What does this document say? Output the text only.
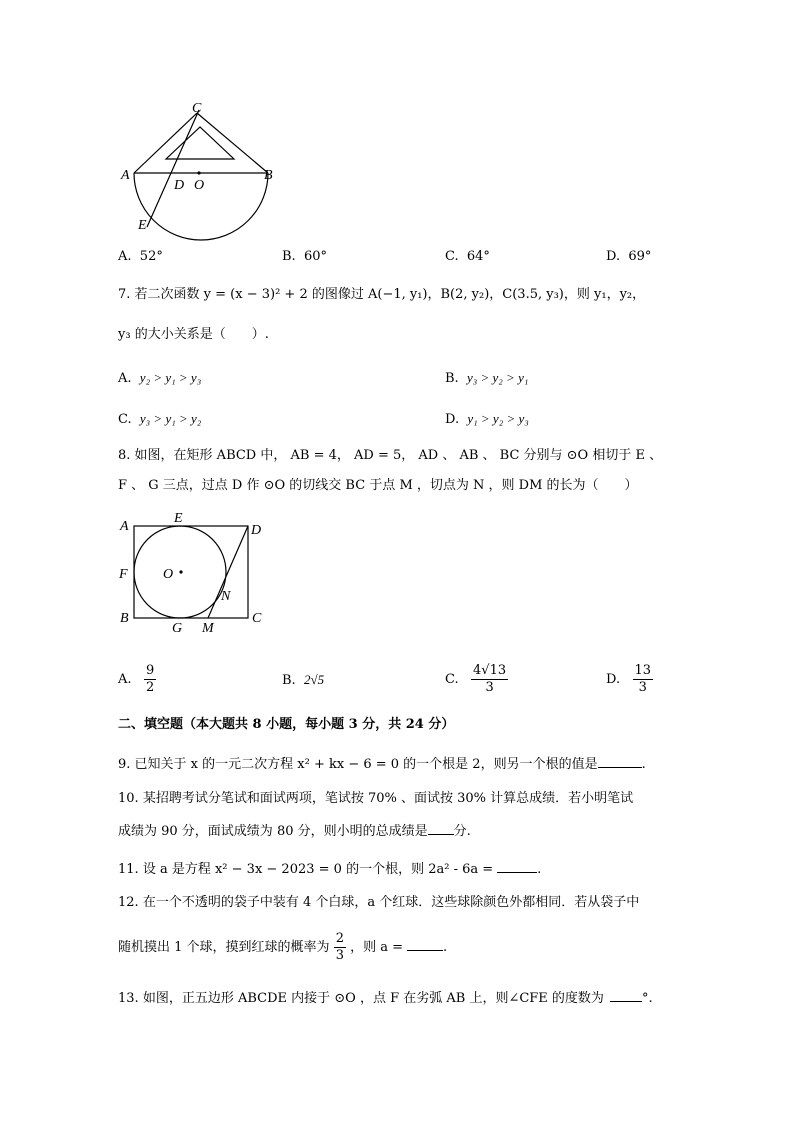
C
A	B
D O
E
A. 52°	B. 60°	C. 64°	D. 69°
7. 若二次函数 y = (x − 3)² + 2 的图像过 A(−1, y₁)，B(2, y₂)，C(3.5, y₃)，则 y₁，y₂，
y₃ 的大小关系是（　　）.
A. y₂ > y₁ > y₃	B. y₃ > y₂ > y₁
C. y₃ > y₁ > y₂	D. y₁ > y₂ > y₃
8. 如图，在矩形 ABCD 中， AB = 4， AD = 5， AD 、 AB 、 BC 分别与 ⊙O 相切于 E 、
F 、 G 三点，过点 D 作 ⊙O 的切线交 BC 于点 M ，切点为 N ，则 DM 的长为（　　）
A
E
D
F	O
N
B
G M
C
A. $\frac{9}{2}$	B. 2√5	C. $\frac{4√13}{3}$	D. $\frac{13}{3}$
二、填空题（本大题共 8 小题，每小题 3 分，共 24 分）
9. 已知关于 x 的一元二次方程 x² + kx − 6 = 0 的一个根是 2，则另一个根的值是	.
10. 某招聘考试分笔试和面试两项，笔试按 70% 、面试按 30% 计算总成绩．若小明笔试
成绩为 90 分，面试成绩为 80 分，则小明的总成绩是 分.
11. 设 a 是方程 x² − 3x − 2023 = 0 的一个根，则 2a² - 6a =	.
12. 在一个不透明的袋子中装有 4 个白球，a 个红球．这些球除颜色外都相同．若从袋子中
随机摸出 1 个球，摸到红球的概率为 $\frac{2}{3}$ ，则 a =	.
13. 如图，正五边形 ABCDE 内接于 ⊙O ，点 F 在劣弧 AB 上，则∠CFE 的度数为	°.
